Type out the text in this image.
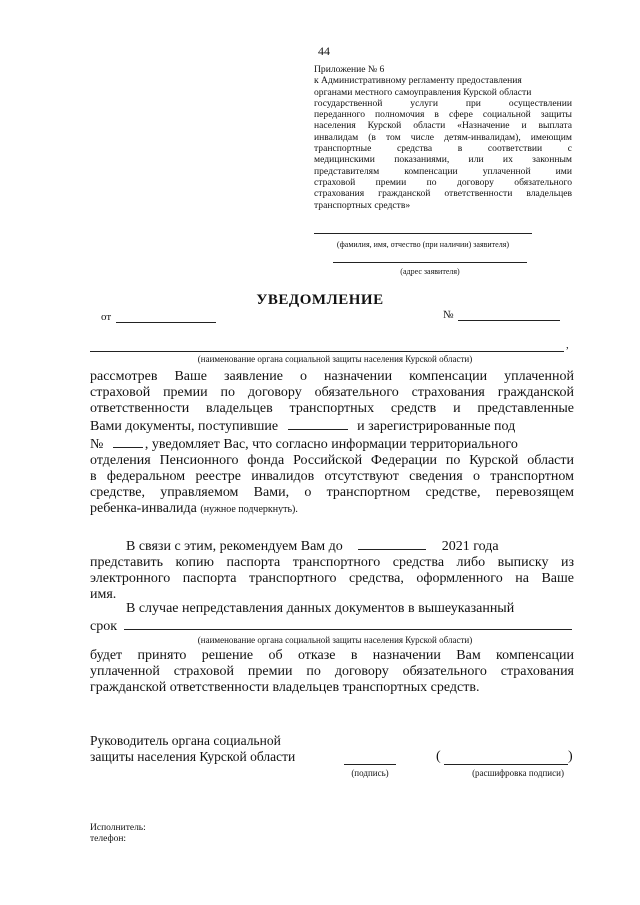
44
Приложение № 6
к Административному регламенту предоставления
органами местного самоуправления Курской области
государственной услуги при осуществлении
переданного полномочия в сфере социальной защиты
населения Курской области «Назначение и выплата
инвалидам (в том числе детям-инвалидам), имеющим
транспортные средства в соответствии с
медицинскими показаниями, или их законным
представителям компенсации уплаченной ими
страховой премии по договору обязательного
страхования гражданской ответственности владельцев
транспортных средств»
(фамилия, имя, отчество (при наличии) заявителя)
(адрес заявителя)
УВЕДОМЛЕНИЕ
от	№
,
(наименование органа социальной защиты населения Курской области)
рассмотрев Ваше заявление о назначении компенсации уплаченной
страховой премии по договору обязательного страхования гражданской
ответственности владельцев транспортных средств и представленные
Вами документы, поступившие	и зарегистрированные под
№	, уведомляет Вас, что согласно информации территориального
отделения Пенсионного фонда Российской Федерации по Курской области
в федеральном реестре инвалидов отсутствуют сведения о транспортном
средстве, управляемом Вами, о транспортном средстве, перевозящем
ребенка-инвалида (нужное подчеркнуть).
В связи с этим, рекомендуем Вам до	2021 года
представить копию паспорта транспортного средства либо выписку из
электронного паспорта транспортного средства, оформленного на Ваше
имя.
В случае непредставления данных документов в вышеуказанный
срок
(наименование органа социальной защиты населения Курской области)
будет принято решение об отказе в назначении Вам компенсации
уплаченной страховой премии по договору обязательного страхования
гражданской ответственности владельцев транспортных средств.
Руководитель органа социальной
защиты населения Курской области
(подпись)
(	)
(расшифровка подписи)
Исполнитель:
телефон:
